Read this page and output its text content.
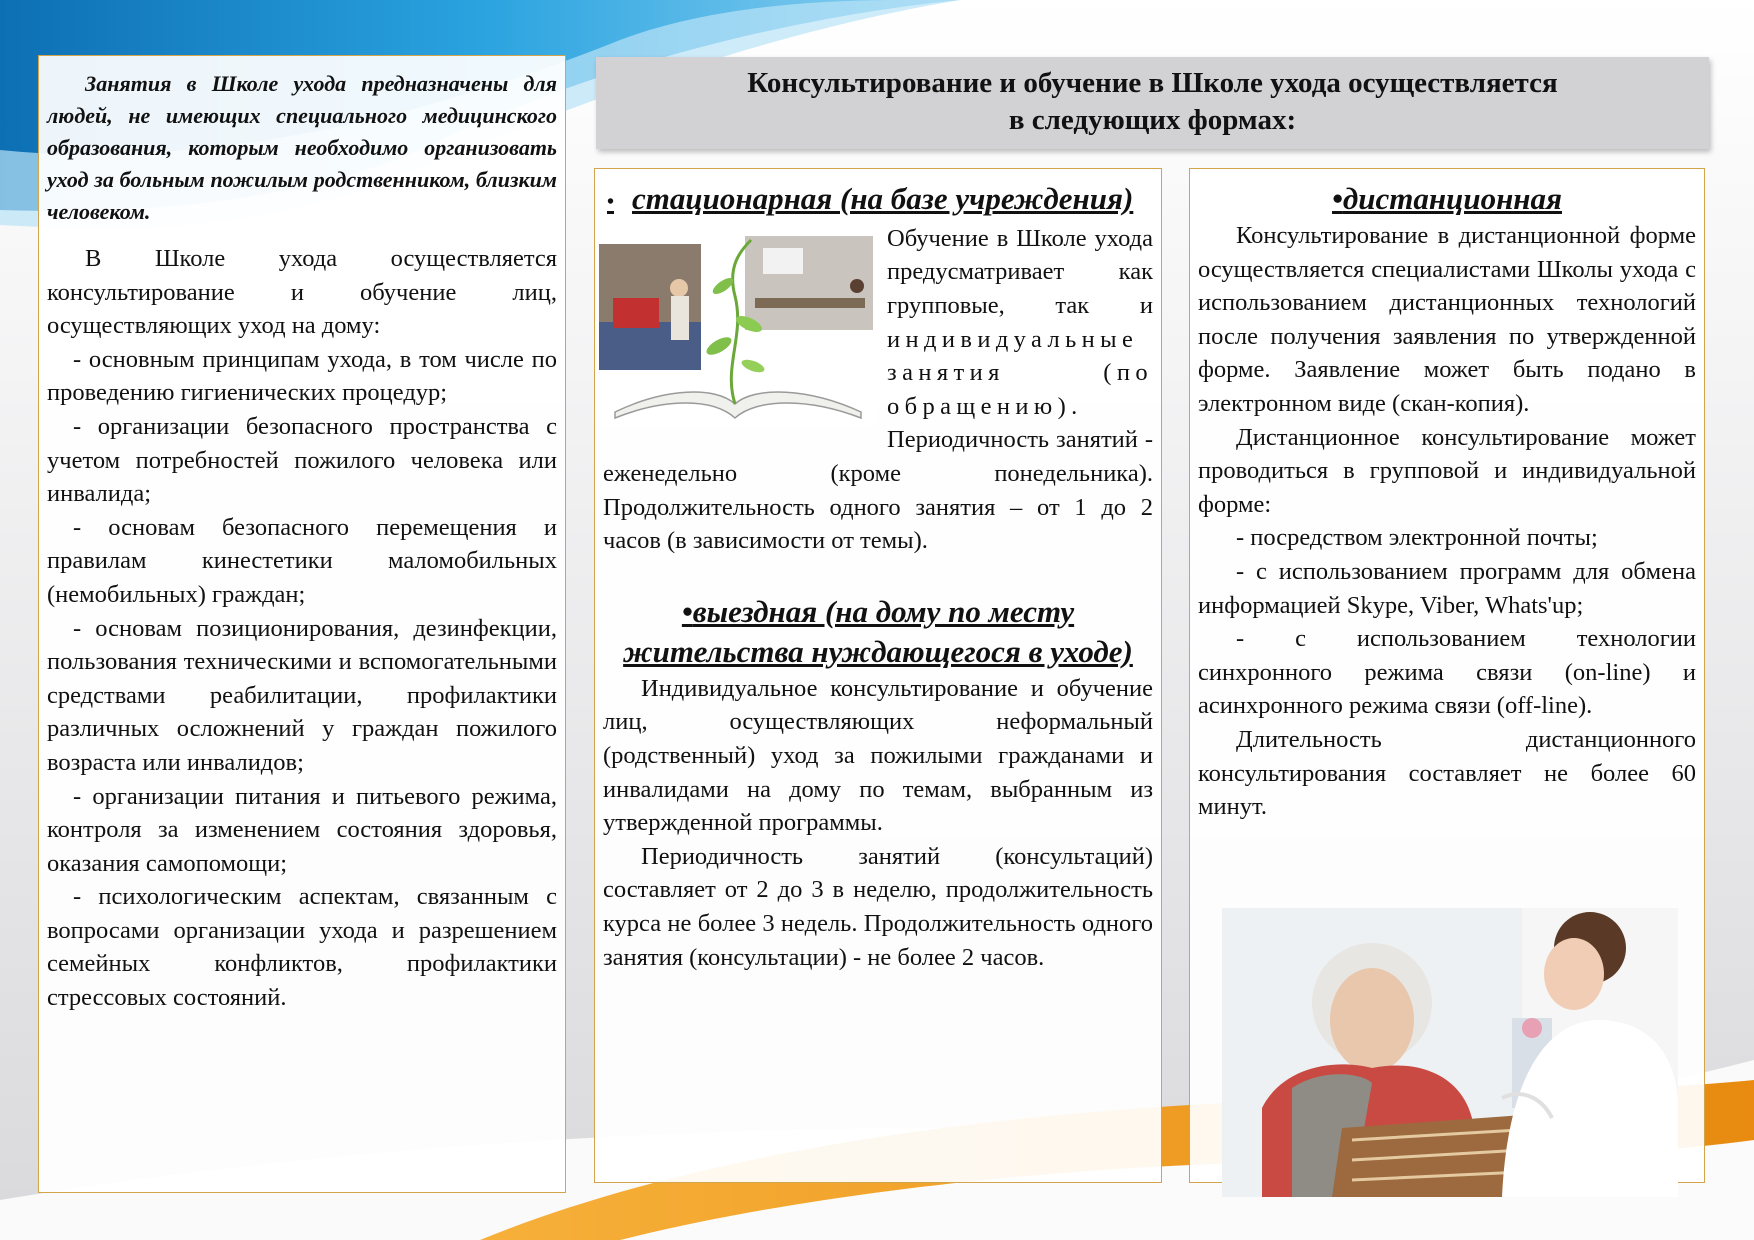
Консультирование и обучение в Школе ухода осуществляется
в следующих формах:

Занятия в Школе ухода предназначены для людей, не имеющих специального медицинского образования, которым необходимо организовать уход за больным пожилым родственником, близким человеком.

В Школе ухода осуществляется консультирование и обучение лиц, осуществляющих уход на дому:

- основным принципам ухода, в том числе по проведению гигиенических процедур;

- организации безопасного пространства с учетом потребностей пожилого человека или инвалида;

- основам безопасного перемещения и правилам кинестетики маломобильных (немобильных) граждан;

- основам позиционирования, дезинфекции, пользования техническими и вспомогательными средствами реабилитации, профилактики различных осложнений у граждан пожилого возраста или инвалидов;

- организации питания и питьевого режима, контроля за изменением состояния здоровья, оказания самопомощи;

- психологическим аспектам, связанным с вопросами организации ухода и разрешением семейных конфликтов, профилактики стрессовых состояний.

• стационарная (на базе учреждения)

Обучение в Школе ухода предусматривает как групповые, так и индивидуальные занятия (по обращению). Периодичность занятий - еженедельно (кроме понедельника). Продолжительность одного занятия – от 1 до 2 часов (в зависимости от темы).

•выездная (на дому по месту
жительства нуждающегося в уходе)

Индивидуальное консультирование и обучение лиц, осуществляющих неформальный (родственный) уход за пожилыми гражданами и инвалидами на дому по темам, выбранным из утвержденной программы.

Периодичность занятий (консультаций) составляет от 2 до 3 в неделю, продолжительность курса не более 3 недель. Продолжительность одного занятия (консультации) - не более 2 часов.

•дистанционная

Консультирование в дистанционной форме осуществляется специалистами Школы ухода с использованием дистанционных технологий после получения заявления по утвержденной форме. Заявление может быть подано в электронном виде (скан-копия).

Дистанционное консультирование может проводиться в групповой и индивидуальной форме:

- посредством электронной почты;

- с использованием программ для обмена информацией Skype, Viber, Whats'up;

- с использованием технологии синхронного режима связи (on-line) и асинхронного режима связи (off-line).

Длительность дистанционного консультирования составляет не более 60 минут.
